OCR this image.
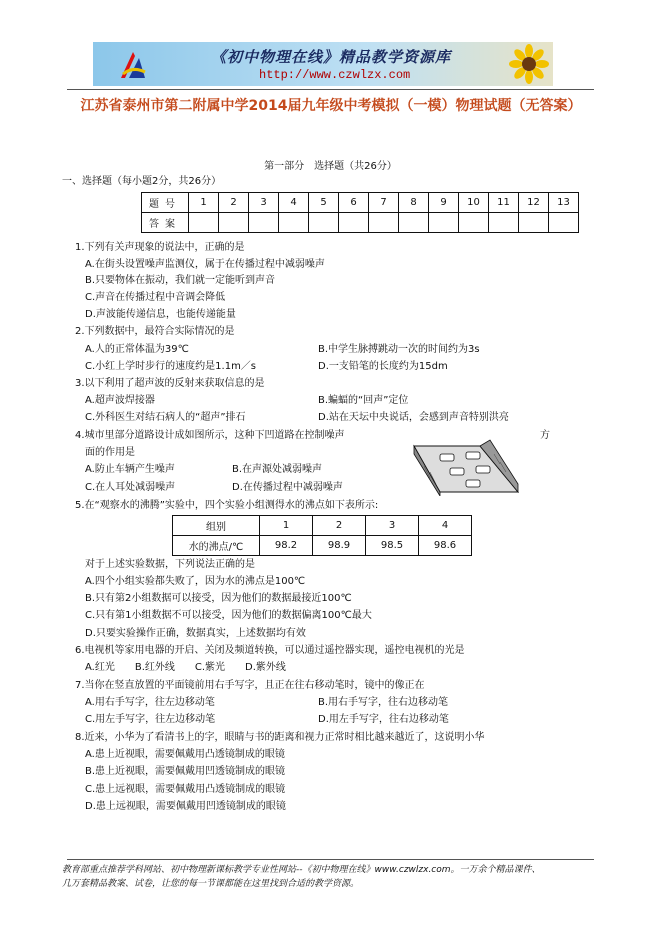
《初中物理在线》精品教学资源库
http://www.czwlzx.com
江苏省泰州市第二附属中学2014届九年级中考模拟（一模）物理试题（无答案）
第一部分　选择题（共26分）
一、选择题（每小题2分，共26分）
题号	1	2	3	4	5	6	7	8	9	10	11	12	13
答案													
1.下列有关声现象的说法中，正确的是
A.在街头设置噪声监测仪，属于在传播过程中减弱噪声
B.只要物体在振动，我们就一定能听到声音
C.声音在传播过程中音调会降低
D.声波能传递信息，也能传递能量
2.下列数据中，最符合实际情况的是
A.人的正常体温为39℃	B.中学生脉搏跳动一次的时间约为3s
C.小红上学时步行的速度约是1.1m／s	D.一支铅笔的长度约为15dm
3.以下利用了超声波的反射来获取信息的是
A.超声波焊接器	B.蝙蝠的“回声”定位
C.外科医生对结石病人的“超声”排石	D.站在天坛中央说话，会感到声音特别洪亮
4.城市里部分道路设计成如图所示，这种下凹道路在控制噪声	方
面的作用是
A.防止车辆产生噪声	B.在声源处减弱噪声
C.在人耳处减弱噪声	D.在传播过程中减弱噪声
5.在“观察水的沸腾”实验中，四个实验小组测得水的沸点如下表所示:
组别	1	2	3	4
水的沸点/℃	98.2	98.9	98.5	98.6
对于上述实验数据，下列说法正确的是
A.四个小组实验都失败了，因为水的沸点是100℃
B.只有第2小组数据可以接受，因为他们的数据最接近100℃
C.只有第1小组数据不可以接受，因为他们的数据偏离100℃最大
D.只要实验操作正确，数据真实，上述数据均有效
6.电视机等家用电器的开启、关闭及频道转换，可以通过遥控器实现，遥控电视机的光是
A.红光　　B.红外线　　C.紫光　　D.紫外线
7.当你在竖直放置的平面镜前用右手写字，且正在往右移动笔时，镜中的像正在
A.用右手写字，往左边移动笔	B.用右手写字，往右边移动笔
C.用左手写字，往左边移动笔	D.用左手写字，往右边移动笔
8.近来，小华为了看清书上的字，眼睛与书的距离和视力正常时相比越来越近了，这说明小华
A.患上近视眼，需要佩戴用凸透镜制成的眼镜
B.患上近视眼，需要佩戴用凹透镜制成的眼镜
C.患上远视眼，需要佩戴用凸透镜制成的眼镜
D.患上远视眼，需要佩戴用凹透镜制成的眼镜
教育部重点推荐学科网站、初中物理新课标教学专业性网站--《初中物理在线》www.czwlzx.com。一万余个精品课件、
几万套精品教案、试卷，让您的每一节课都能在这里找到合适的教学资源。
